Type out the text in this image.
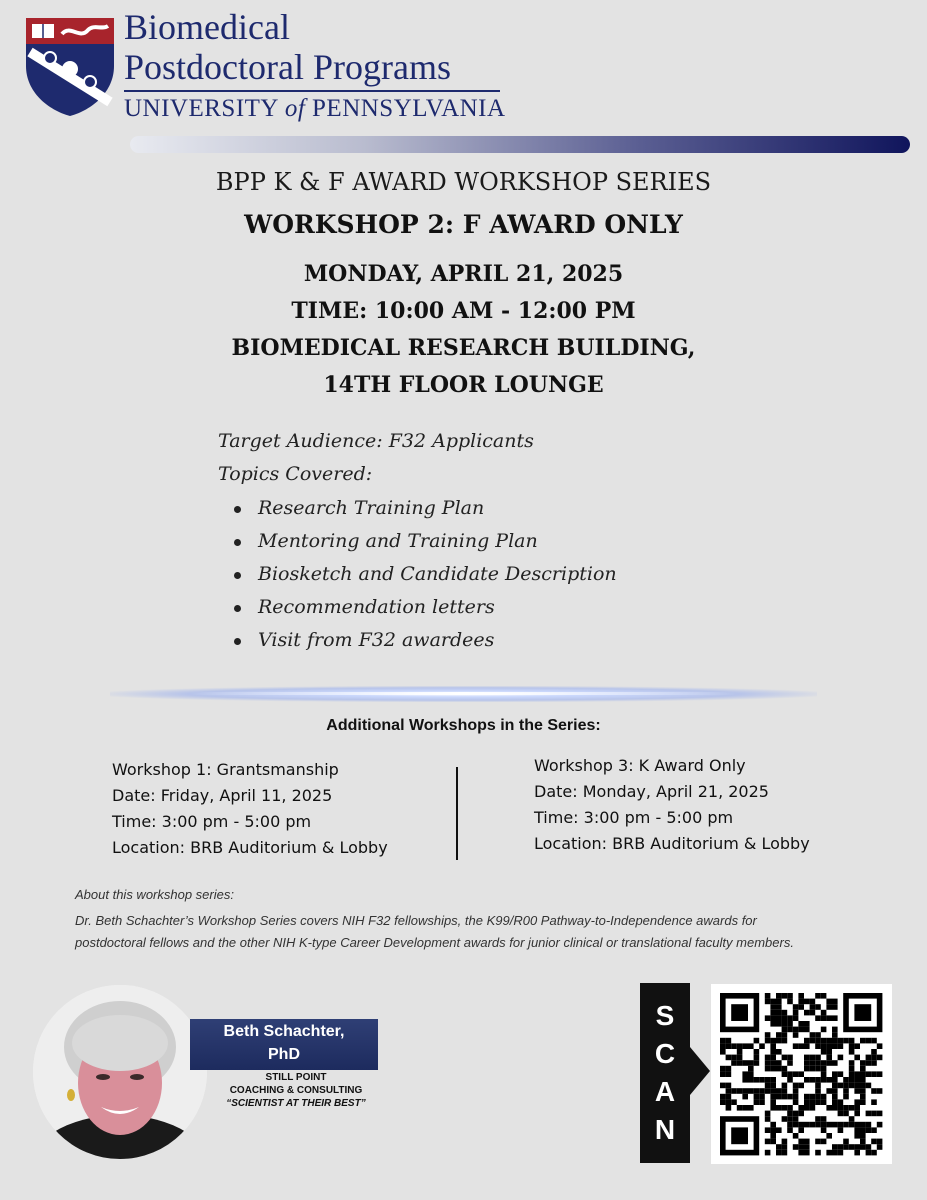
Biomedical
Postdoctoral Programs
UNIVERSITY of PENNSYLVANIA
BPP K & F AWARD WORKSHOP SERIES
WORKSHOP 2: F AWARD ONLY
MONDAY, APRIL 21, 2025
TIME: 10:00 AM - 12:00 PM
BIOMEDICAL RESEARCH BUILDING,
14TH FLOOR LOUNGE
Target Audience: F32 Applicants
Topics Covered:
Research Training Plan
Mentoring and Training Plan
Biosketch and Candidate Description
Recommendation letters
Visit from F32 awardees
Additional Workshops in the Series:
Workshop 1: Grantsmanship
Date: Friday, April 11, 2025
Time: 3:00 pm - 5:00 pm
Location: BRB Auditorium & Lobby
Workshop 3: K Award Only
Date: Monday, April 21, 2025
Time: 3:00 pm - 5:00 pm
Location: BRB Auditorium & Lobby
About this workshop series:
Dr. Beth Schachter’s Workshop Series covers NIH F32 fellowships, the K99/R00 Pathway-to-Independence awards for
postdoctoral fellows and the other NIH K-type Career Development awards for junior clinical or translational faculty members.
Beth Schachter,
PhD
STILL POINT
COACHING & CONSULTING
“SCIENTIST AT THEIR BEST”
S
C
A
N
